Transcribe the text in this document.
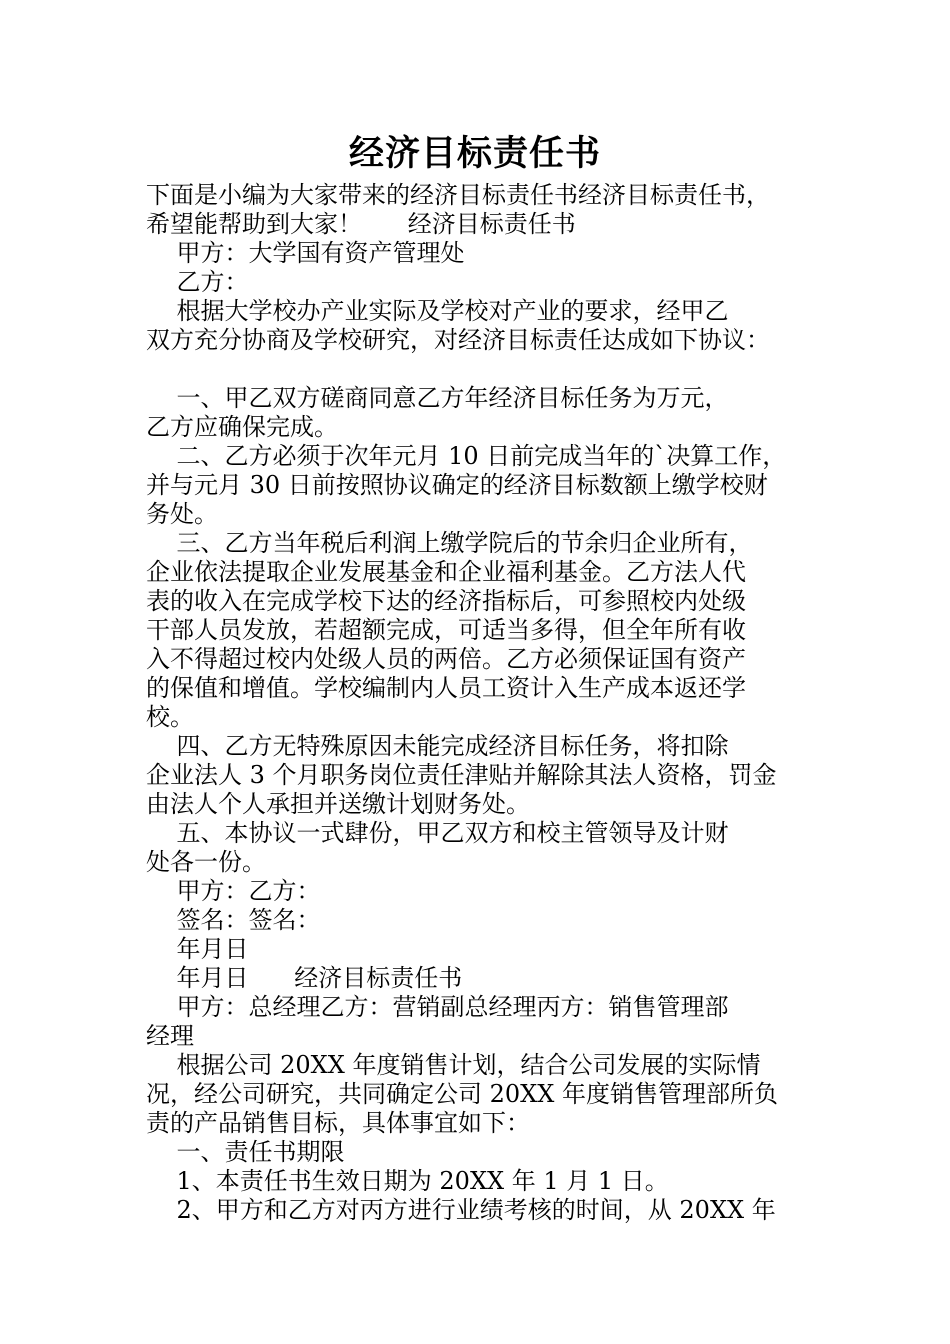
经济目标责任书
下面是小编为大家带来的经济目标责任书经济目标责任书，
希望能帮助到大家！      经济目标责任书
甲方：大学国有资产管理处
乙方：
根据大学校办产业实际及学校对产业的要求，经甲乙
双方充分协商及学校研究，对经济目标责任达成如下协议：
一、甲乙双方磋商同意乙方年经济目标任务为万元，
乙方应确保完成。
二、乙方必须于次年元月 10 日前完成当年的`决算工作，
并与元月 30 日前按照协议确定的经济目标数额上缴学校财
务处。
三、乙方当年税后利润上缴学院后的节余归企业所有，
企业依法提取企业发展基金和企业福利基金。乙方法人代
表的收入在完成学校下达的经济指标后，可参照校内处级
干部人员发放，若超额完成，可适当多得，但全年所有收
入不得超过校内处级人员的两倍。乙方必须保证国有资产
的保值和增值。学校编制内人员工资计入生产成本返还学
校。
四、乙方无特殊原因未能完成经济目标任务，将扣除
企业法人 3 个月职务岗位责任津贴并解除其法人资格，罚金
由法人个人承担并送缴计划财务处。
五、本协议一式肆份，甲乙双方和校主管领导及计财
处各一份。
甲方：乙方：
签名：签名：
年月日
年月日      经济目标责任书
甲方：总经理乙方：营销副总经理丙方：销售管理部
经理
根据公司 20XX 年度销售计划，结合公司发展的实际情
况，经公司研究，共同确定公司 20XX 年度销售管理部所负
责的产品销售目标，具体事宜如下：
一、责任书期限
1、本责任书生效日期为 20XX 年 1 月 1 日。
2、甲方和乙方对丙方进行业绩考核的时间，从 20XX 年
